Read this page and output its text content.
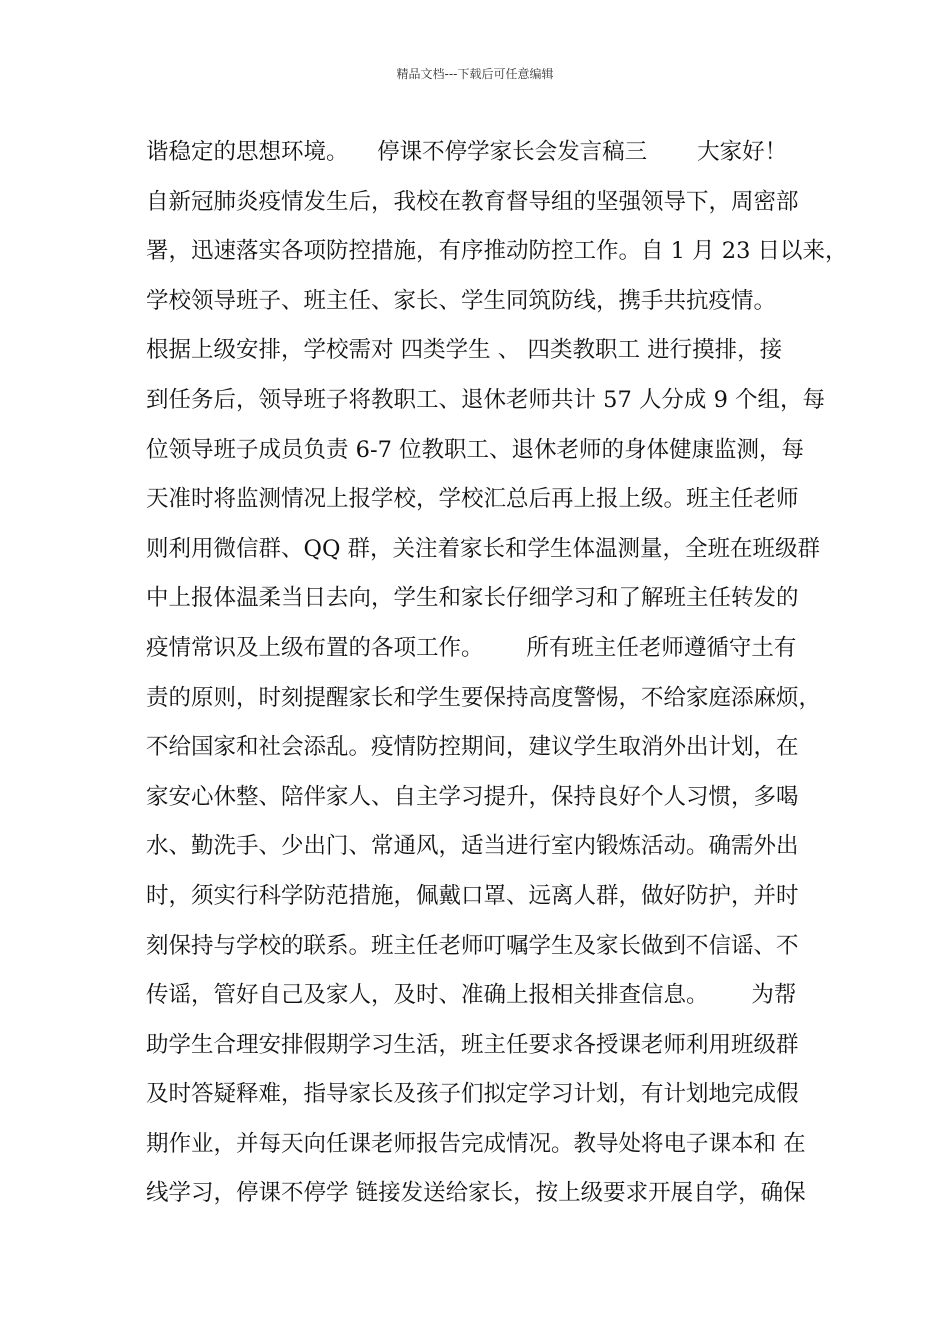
精品文档---下载后可任意编辑
谐稳定的思想环境。    停课不停学家长会发言稿三       大家好！
自新冠肺炎疫情发生后，我校在教育督导组的坚强领导下，周密部
署，迅速落实各项防控措施，有序推动防控工作。自 1 月 23 日以来，
学校领导班子、班主任、家长、学生同筑防线，携手共抗疫情。
根据上级安排，学校需对 四类学生 、 四类教职工 进行摸排，接
到任务后，领导班子将教职工、退休老师共计 57 人分成 9 个组，每
位领导班子成员负责 6-7 位教职工、退休老师的身体健康监测，每
天准时将监测情况上报学校，学校汇总后再上报上级。班主任老师
则利用微信群、QQ 群，关注着家长和学生体温测量，全班在班级群
中上报体温柔当日去向，学生和家长仔细学习和了解班主任转发的
疫情常识及上级布置的各项工作。      所有班主任老师遵循守土有
责的原则，时刻提醒家长和学生要保持高度警惕，不给家庭添麻烦，
不给国家和社会添乱。疫情防控期间，建议学生取消外出计划，在
家安心休整、陪伴家人、自主学习提升，保持良好个人习惯，多喝
水、勤洗手、少出门、常通风，适当进行室内锻炼活动。确需外出
时，须实行科学防范措施，佩戴口罩、远离人群，做好防护，并时
刻保持与学校的联系。班主任老师叮嘱学生及家长做到不信谣、不
传谣，管好自己及家人，及时、准确上报相关排查信息。      为帮
助学生合理安排假期学习生活，班主任要求各授课老师利用班级群
及时答疑释难，指导家长及孩子们拟定学习计划，有计划地完成假
期作业，并每天向任课老师报告完成情况。教导处将电子课本和 在
线学习，停课不停学 链接发送给家长，按上级要求开展自学，确保
